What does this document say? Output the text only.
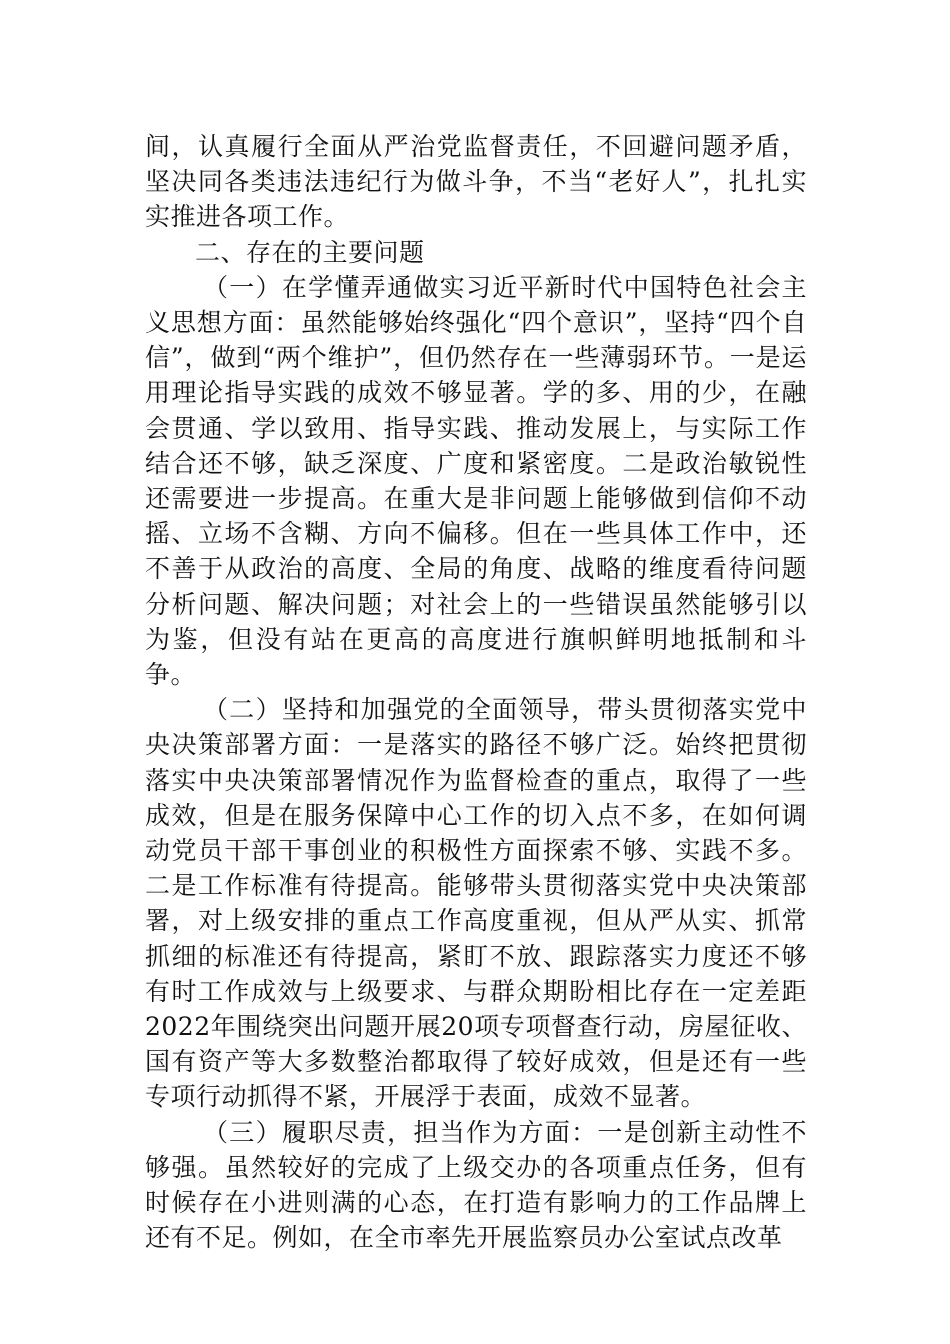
间，认真履行全面从严治党监督责任，不回避问题矛盾，坚决同各类违法违纪行为做斗争，不当“老好人”，扎扎实实推进各项工作。

二、存在的主要问题

（一）在学懂弄通做实习近平新时代中国特色社会主义思想方面：虽然能够始终强化“四个意识”，坚持“四个自信”，做到“两个维护”，但仍然存在一些薄弱环节。一是运用理论指导实践的成效不够显著。学的多、用的少，在融会贯通、学以致用、指导实践、推动发展上，与实际工作结合还不够，缺乏深度、广度和紧密度。二是政治敏锐性还需要进一步提高。在重大是非问题上能够做到信仰不动摇、立场不含糊、方向不偏移。但在一些具体工作中，还不善于从政治的高度、全局的角度、战略的维度看待问题分析问题、解决问题；对社会上的一些错误虽然能够引以为鉴，但没有站在更高的高度进行旗帜鲜明地抵制和斗争。

（二）坚持和加强党的全面领导，带头贯彻落实党中央决策部署方面：一是落实的路径不够广泛。始终把贯彻落实中央决策部署情况作为监督检查的重点，取得了一些成效，但是在服务保障中心工作的切入点不多，在如何调动党员干部干事创业的积极性方面探索不够、实践不多。二是工作标准有待提高。能够带头贯彻落实党中央决策部署，对上级安排的重点工作高度重视，但从严从实、抓常抓细的标准还有待提高，紧盯不放、跟踪落实力度还不够有时工作成效与上级要求、与群众期盼相比存在一定差距2022年围绕突出问题开展20项专项督查行动，房屋征收、国有资产等大多数整治都取得了较好成效，但是还有一些专项行动抓得不紧，开展浮于表面，成效不显著。

（三）履职尽责，担当作为方面：一是创新主动性不够强。虽然较好的完成了上级交办的各项重点任务，但有时候存在小进则满的心态，在打造有影响力的工作品牌上还有不足。例如，在全市率先开展监察员办公室试点改革
